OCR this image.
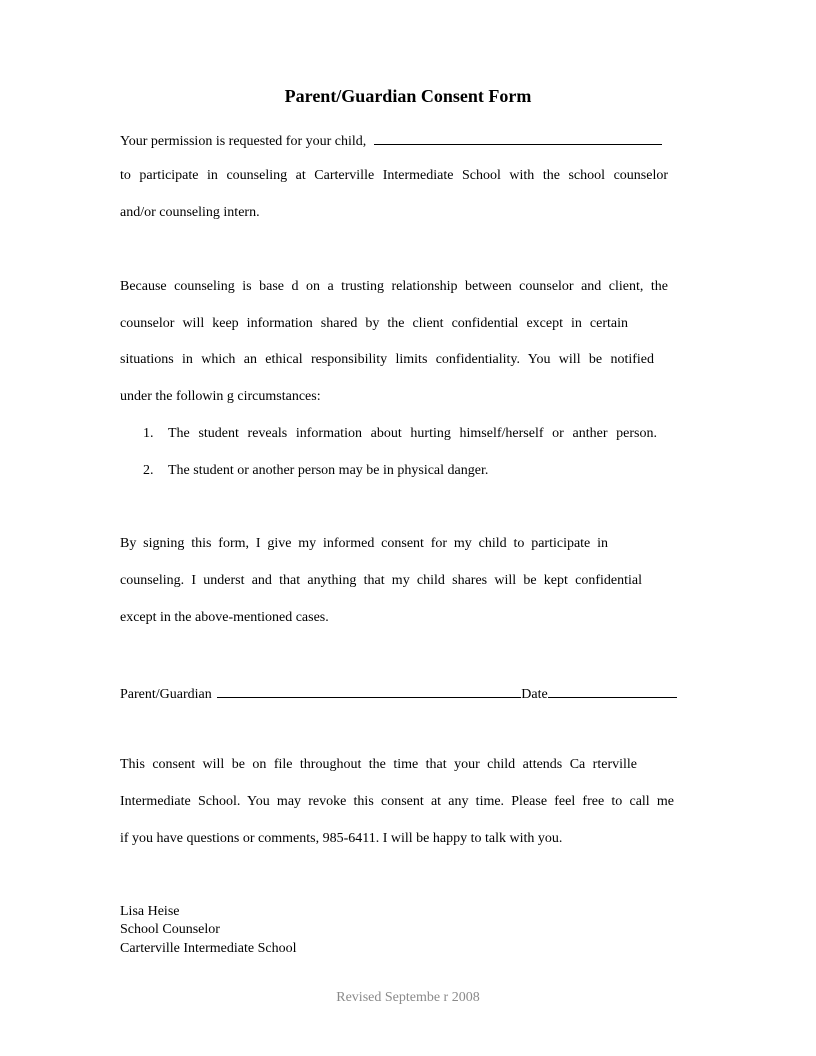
Parent/Guardian Consent Form
Your permission is requested for your child,
to participate in counseling at Carterville Intermediate School with the school counselor
and/or counseling intern.
Because counseling is base d on a trusting relationship between counselor and client, the
counselor will keep information shared by the client confidential except in certain
situations in which an ethical responsibility limits confidentiality. You will be notified
under the followin g circumstances:
1. The student reveals information about hurting himself/herself or anther person.
2. The student or another person may be in physical danger.
By signing this form, I give my informed consent for my child to participate in
counseling. I underst and that anything that my child shares will be kept confidential
except in the above-mentioned cases.
Parent/Guardian	Date
This consent will be on file throughout the time that your child attends Ca rterville
Intermediate School. You may revoke this consent at any time. Please feel free to call me
if you have questions or comments, 985-6411. I will be happy to talk with you.
Lisa Heise
School Counselor
Carterville Intermediate School
Revised Septembe r 2008
